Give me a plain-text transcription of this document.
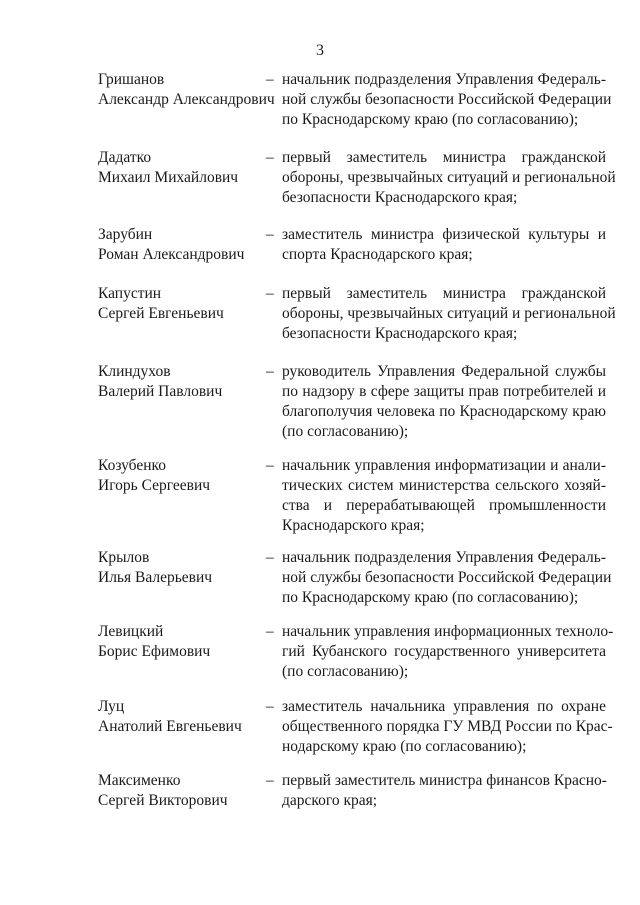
3
Гришанов
Александр Александрович
– начальник подразделения Управления Федераль-
ной службы безопасности Российской Федерации
по Краснодарскому краю (по согласованию);
Дадатко
Михаил Михайлович
– первый заместитель министра гражданской
обороны, чрезвычайных ситуаций и региональной
безопасности Краснодарского края;
Зарубин
Роман Александрович
– заместитель министра физической культуры и
спорта Краснодарского края;
Капустин
Сергей Евгеньевич
– первый заместитель министра гражданской
обороны, чрезвычайных ситуаций и региональной
безопасности Краснодарского края;
Клиндухов
Валерий Павлович
– руководитель Управления Федеральной службы
по надзору в сфере защиты прав потребителей и
благополучия человека по Краснодарскому краю
(по согласованию);
Козубенко
Игорь Сергеевич
– начальник управления информатизации и анали-
тических систем министерства сельского хозяй-
ства и перерабатывающей промышленности
Краснодарского края;
Крылов
Илья Валерьевич
– начальник подразделения Управления Федераль-
ной службы безопасности Российской Федерации
по Краснодарскому краю (по согласованию);
Левицкий
Борис Ефимович
– начальник управления информационных техноло-
гий Кубанского государственного университета
(по согласованию);
Луц
Анатолий Евгеньевич
– заместитель начальника управления по охране
общественного порядка ГУ МВД России по Крас-
нодарскому краю (по согласованию);
Максименко
Сергей Викторович
– первый заместитель министра финансов Красно-
дарского края;
